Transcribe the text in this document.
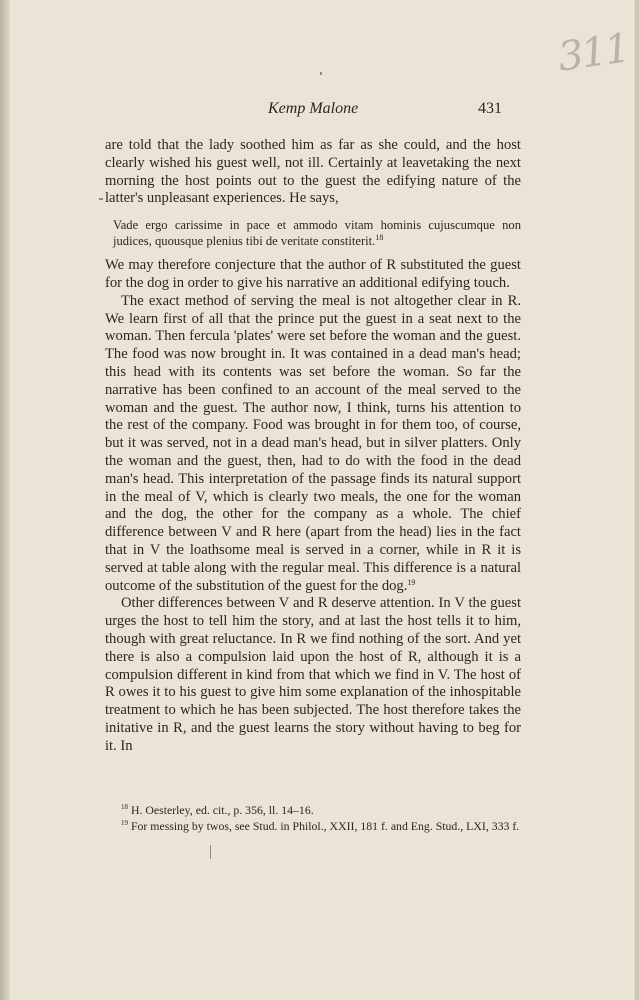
311
Kemp Malone	431

are told that the lady soothed him as far as she could, and the host clearly wished his guest well, not ill. Certainly at leavetaking the next morning the host points out to the guest the edifying nature of the latter's unpleasant experiences. He says,

Vade ergo carissime in pace et ammodo vitam hominis cujuscumque non judices, quousque plenius tibi de veritate constiterit.$^{18}$

We may therefore conjecture that the author of R substituted the guest for the dog in order to give his narrative an additional edifying touch.

The exact method of serving the meal is not altogether clear in R. We learn first of all that the prince put the guest in a seat next to the woman. Then fercula 'plates' were set before the woman and the guest. The food was now brought in. It was contained in a dead man's head; this head with its contents was set before the woman. So far the narrative has been confined to an account of the meal served to the woman and the guest. The author now, I think, turns his attention to the rest of the company. Food was brought in for them too, of course, but it was served, not in a dead man's head, but in silver platters. Only the woman and the guest, then, had to do with the food in the dead man's head. This interpretation of the passage finds its natural support in the meal of V, which is clearly two meals, the one for the woman and the dog, the other for the company as a whole. The chief difference between V and R here (apart from the head) lies in the fact that in V the loathsome meal is served in a corner, while in R it is served at table along with the regular meal. This difference is a natural outcome of the substitution of the guest for the dog.$^{19}$

Other differences between V and R deserve attention. In V the guest urges the host to tell him the story, and at last the host tells it to him, though with great reluctance. In R we find nothing of the sort. And yet there is also a compulsion laid upon the host of R, although it is a compulsion different in kind from that which we find in V. The host of R owes it to his guest to give him some explanation of the inhospitable treatment to which he has been subjected. The host therefore takes the initative in R, and the guest learns the story without having to beg for it. In

$^{18}$ H. Oesterley, ed. cit., p. 356, ll. 14–16.

$^{19}$ For messing by twos, see Stud. in Philol., XXII, 181 f. and Eng. Stud., LXI, 333 f.
